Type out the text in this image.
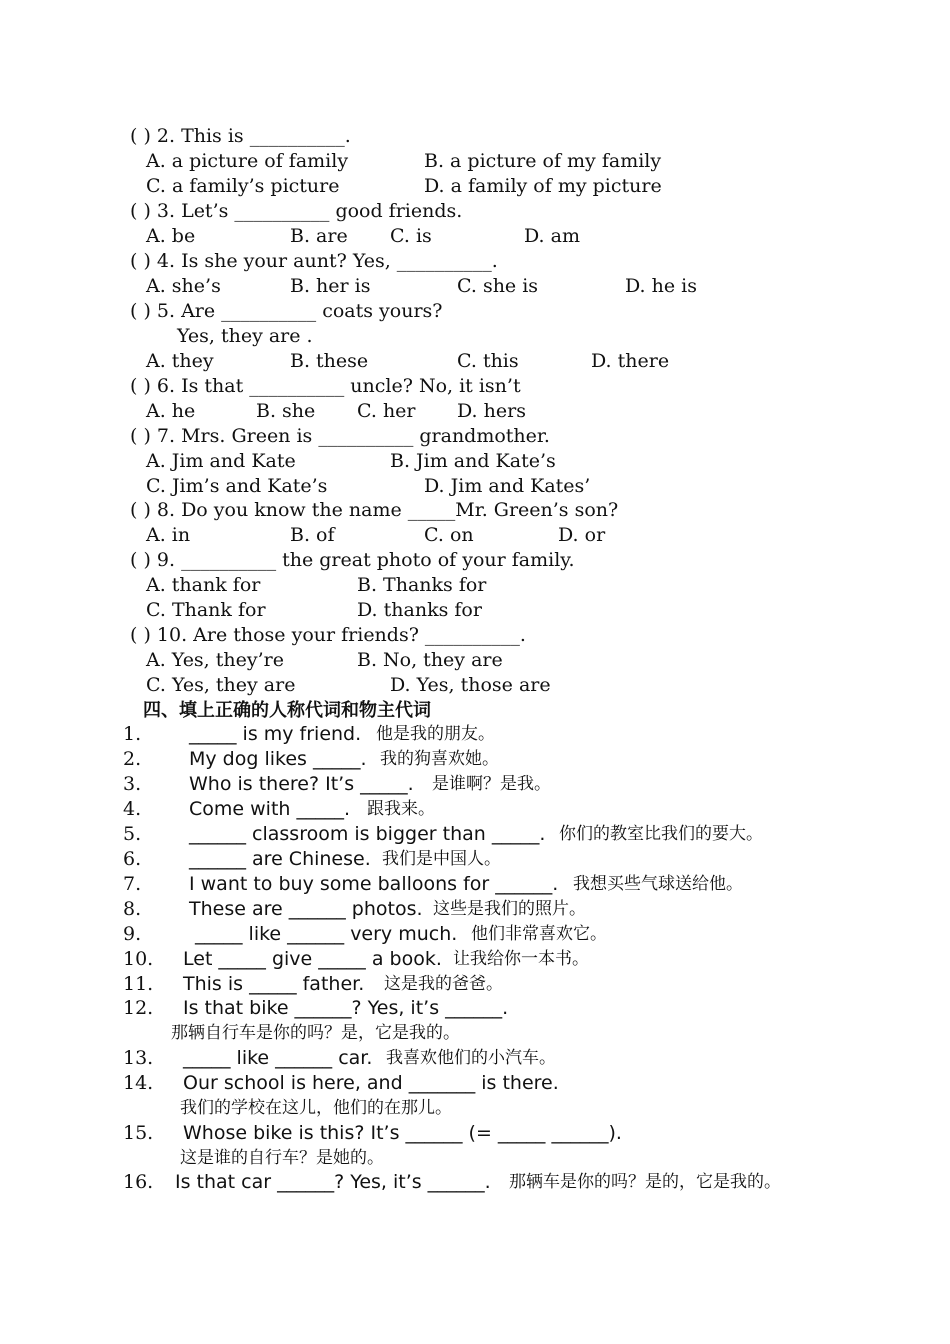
( ) 2. This is __________.
A. a picture of family	B. a picture of my family
C. a family’s picture	D. a family of my picture
( ) 3. Let’s __________ good friends.
A. be	B. are C. is	D. am
( ) 4. Is she your aunt? Yes, __________.
A. she’s	B. her is	C. she is	D. he is
( ) 5. Are __________ coats yours?
Yes, they are .
A. they	B. these	C. this	D. there
( ) 6. Is that __________ uncle? No, it isn’t
A. he	B. she C. her D. hers
( ) 7. Mrs. Green is __________ grandmother.
A. Jim and Kate	B. Jim and Kate’s
C. Jim’s and Kate’s	D. Jim and Kates’
( ) 8. Do you know the name _____Mr. Green’s son?
A. in	B. of	C. on	D. or
( ) 9. __________ the great photo of your family.
A. thank for	B. Thanks for
C. Thank for	D. thanks for
( ) 10. Are those your friends? __________.
A. Yes, they’re	B. No, they are
C. Yes, they are	D. Yes, those are
四、填上正确的人称代词和物主代词
1.	_____ is my friend. 他是我的朋友。
2.	My dog likes _____. 我的狗喜欢她。
3.	Who is there? It’s _____. 是谁啊？是我。
4.	Come with _____. 跟我来。
5.	______ classroom is bigger than _____. 你们的教室比我们的要大。
6.	______ are Chinese. 我们是中国人。
7.	I want to buy some balloons for ______. 我想买些气球送给他。
8.	These are ______ photos. 这些是我们的照片。
9.	_____ like ______ very much. 他们非常喜欢它。
10. Let _____ give _____ a book. 让我给你一本书。
11. This is _____ father. 这是我的爸爸。
12. Is that bike ______? Yes, it’s ______.
那辆自行车是你的吗？是，它是我的。
13. _____ like ______ car. 我喜欢他们的小汽车。
14. Our school is here, and _______ is there.
我们的学校在这儿，他们的在那儿。
15. Whose bike is this? It’s ______ (= _____ ______).
这是谁的自行车？是她的。
16. Is that car ______? Yes, it’s ______. 那辆车是你的吗？是的，它是我的。
